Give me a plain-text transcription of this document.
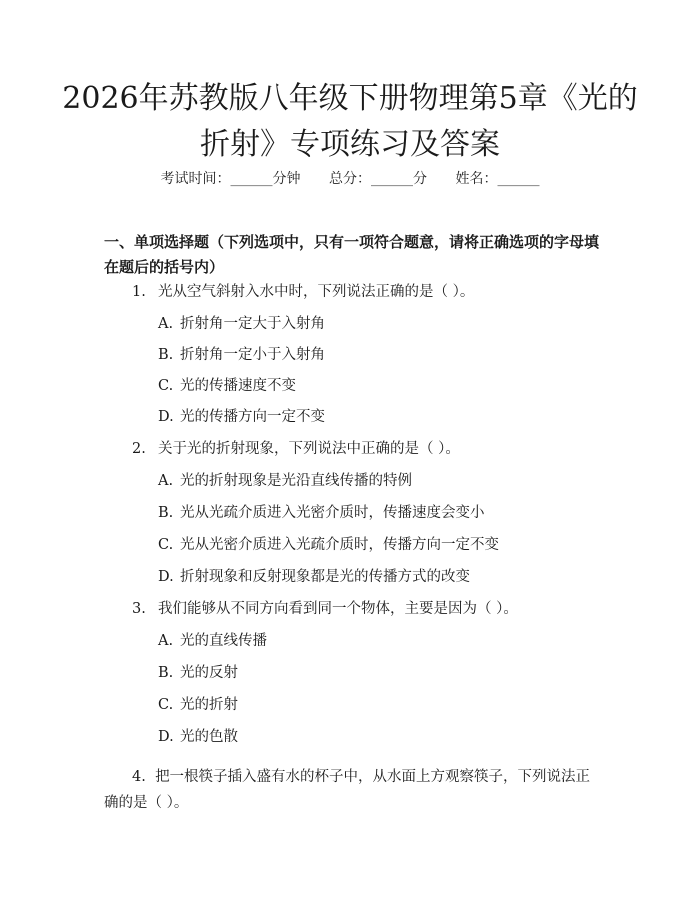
2026年苏教版八年级下册物理第5章《光的折射》专项练习及答案
考试时间：______分钟 总分：______分 姓名：______
一、单项选择题（下列选项中，只有一项符合题意，请将正确选项的字母填在题后的括号内）
1. 光从空气斜射入水中时，下列说法正确的是（ ）。
A. 折射角一定大于入射角
B. 折射角一定小于入射角
C. 光的传播速度不变
D. 光的传播方向一定不变
2. 关于光的折射现象，下列说法中正确的是（ ）。
A. 光的折射现象是光沿直线传播的特例
B. 光从光疏介质进入光密介质时，传播速度会变小
C. 光从光密介质进入光疏介质时，传播方向一定不变
D. 折射现象和反射现象都是光的传播方式的改变
3. 我们能够从不同方向看到同一个物体，主要是因为（ ）。
A. 光的直线传播
B. 光的反射
C. 光的折射
D. 光的色散
4. 把一根筷子插入盛有水的杯子中，从水面上方观察筷子，下列说法正确的是（ ）。
